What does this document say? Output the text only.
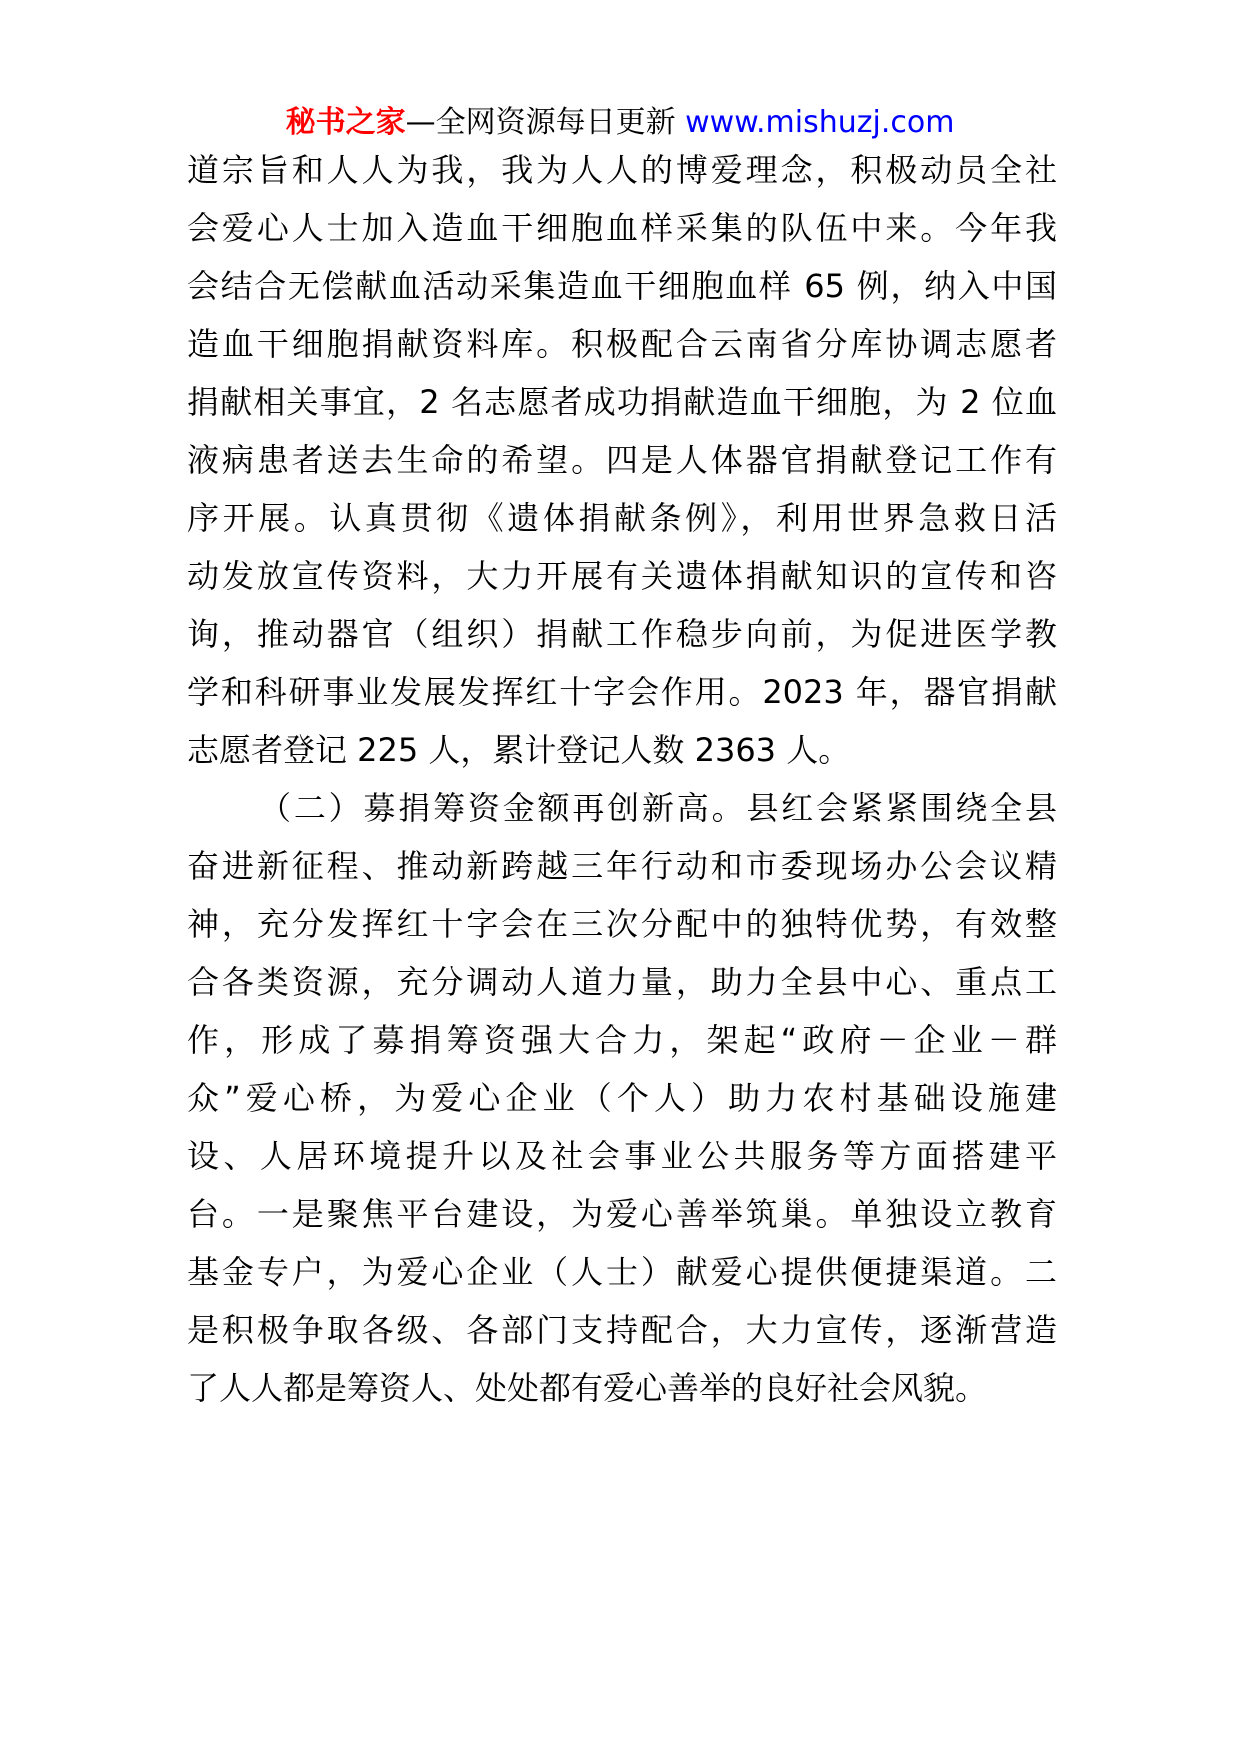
秘书之家—全网资源每日更新 www.mishuzj.com
道宗旨和人人为我，我为人人的博爱理念，积极动员全社
会爱心人士加入造血干细胞血样采集的队伍中来。今年我
会结合无偿献血活动采集造血干细胞血样 65 例，纳入中国
造血干细胞捐献资料库。积极配合云南省分库协调志愿者
捐献相关事宜，2 名志愿者成功捐献造血干细胞，为 2 位血
液病患者送去生命的希望。四是人体器官捐献登记工作有
序开展。认真贯彻《遗体捐献条例》，利用世界急救日活
动发放宣传资料，大力开展有关遗体捐献知识的宣传和咨
询，推动器官（组织）捐献工作稳步向前，为促进医学教
学和科研事业发展发挥红十字会作用。2023 年，器官捐献
志愿者登记 225 人，累计登记人数 2363 人。
（二）募捐筹资金额再创新高。县红会紧紧围绕全县
奋进新征程、推动新跨越三年行动和市委现场办公会议精
神，充分发挥红十字会在三次分配中的独特优势，有效整
合各类资源，充分调动人道力量，助力全县中心、重点工
作，形成了募捐筹资强大合力，架起“政府－企业－群
众”爱心桥，为爱心企业（个人）助力农村基础设施建
设、人居环境提升以及社会事业公共服务等方面搭建平
台。一是聚焦平台建设，为爱心善举筑巢。单独设立教育
基金专户，为爱心企业（人士）献爱心提供便捷渠道。二
是积极争取各级、各部门支持配合，大力宣传，逐渐营造
了人人都是筹资人、处处都有爱心善举的良好社会风貌。
